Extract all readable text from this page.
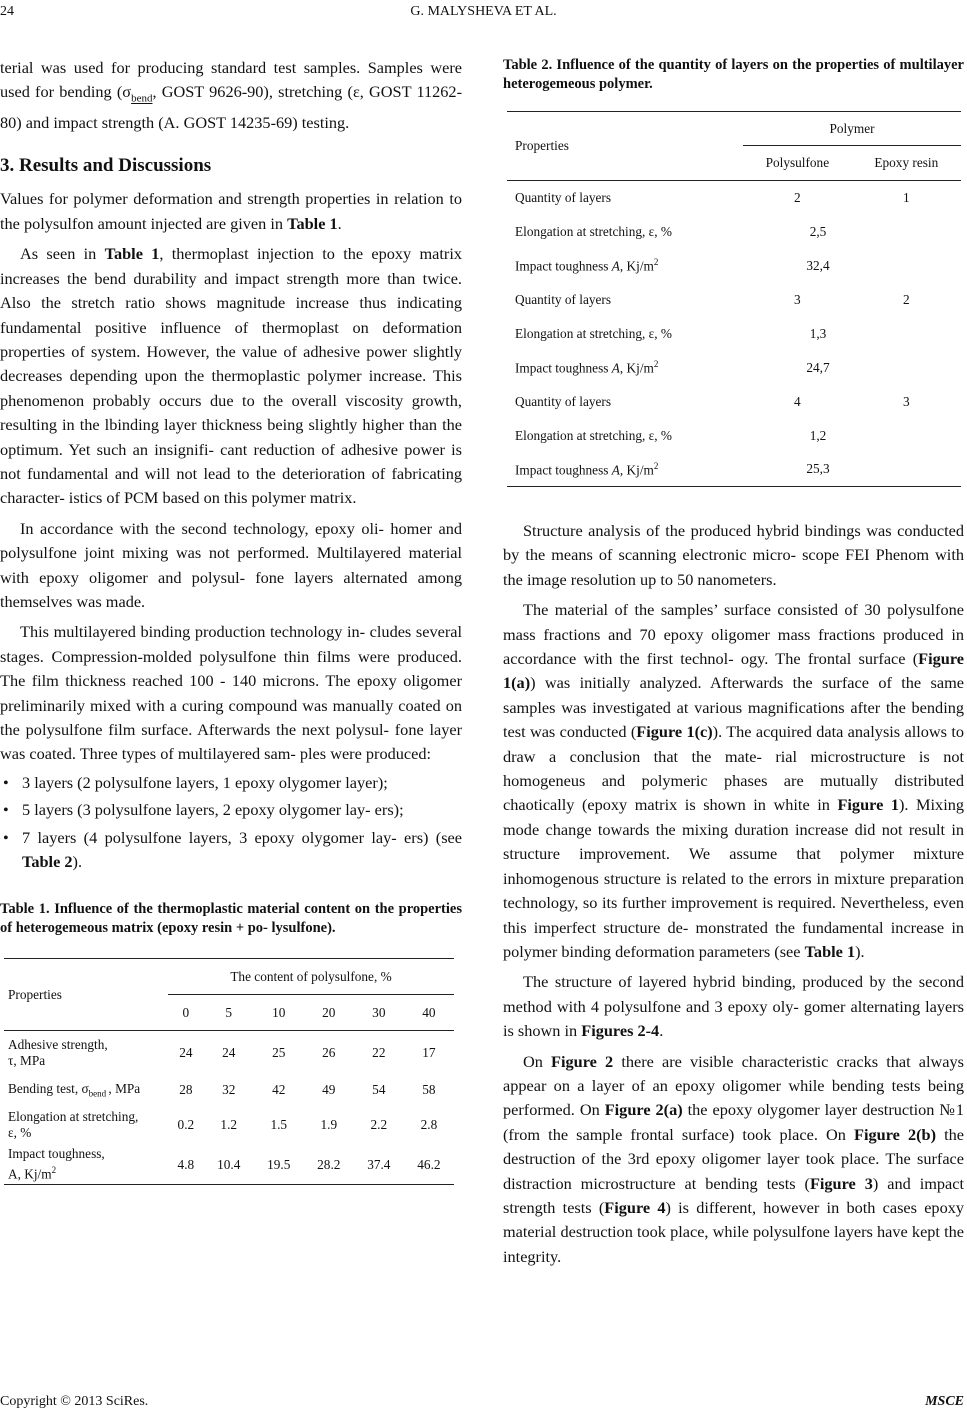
24	G. MALYSHEVA ET AL.

terial was used for producing standard test samples. Samples were used for bending ($\sigma_{bend}$, GOST 9626-90), stretching (ε, GOST 11262-80) and impact strength (A. GOST 14235-69) testing.

3. Results and Discussions

Values for polymer deformation and strength properties in relation to the polysulfon amount injected are given in Table 1.

As seen in Table 1, thermoplast injection to the epoxy matrix increases the bend durability and impact strength more than twice. Also the stretch ratio shows magnitude increase thus indicating fundamental positive influence of thermoplast on deformation properties of system. However, the value of adhesive power slightly decreases depending upon the thermoplastic polymer increase. This phenomenon probably occurs due to the overall viscosity growth, resulting in the lbinding layer thickness being slightly higher than the optimum. Yet such an insignifi- cant reduction of adhesive power is not fundamental and will not lead to the deterioration of fabricating character- istics of PCM based on this polymer matrix.

In accordance with the second technology, epoxy oli- homer and polysulfone joint mixing was not performed. Multilayered material with epoxy oligomer and polysul- fone layers alternated among themselves was made.

This multilayered binding production technology in- cludes several stages. Compression-molded polysulfone thin films were produced. The film thickness reached 100 - 140 microns. The epoxy oligomer preliminarily mixed with a curing compound was manually coated on the polysulfone film surface. Afterwards the next polysul- fone layer was coated. Three types of multilayered sam- ples were produced:

• 3 layers (2 polysulfone layers, 1 epoxy olygomer layer);
• 5 layers (3 polysulfone layers, 2 epoxy olygomer lay- ers);
• 7 layers (4 polysulfone layers, 3 epoxy olygomer lay- ers) (see Table 2).
Table 1. Influence of the thermoplastic material content on the properties of heterogemeous matrix (epoxy resin + po- lysulfone).
Properties	The content of polysulfone, %					
	0	5	10	20	30	40
Adhesive strength,
τ, MPa	24	24	25	26	22	17
Bending test, $\sigma_{bend}$ , MPa	28	32	42	49	54	58
Elongation at stretching,
ε, %	0.2	1.2	1.5	1.9	2.2	2.8
Impact toughness,
A, $Kj/m^2$	4.8	10.4	19.5	28.2	37.4	46.2
Table 2. Influence of the quantity of layers on the properties of multilayer heterogemeous polymer.
Properties	Polymer	
	Polysulfone	Epoxy resin
Quantity of layers	2	1
Elongation at stretching, ε, %	2,5	
Impact toughness A, $Kj/m^2$	32,4	
Quantity of layers	3	2
Elongation at stretching, ε, %	1,3	
Impact toughness A, $Kj/m^2$	24,7	
Quantity of layers	4	3
Elongation at stretching, ε, %	1,2	
Impact toughness A, $Kj/m^2$	25,3	

Structure analysis of the produced hybrid bindings was conducted by the means of scanning electronic micro- scope FEI Phenom with the image resolution up to 50 nanometers.

The material of the samples’ surface consisted of 30 polysulfone mass fractions and 70 epoxy oligomer mass fractions produced in accordance with the first technol- ogy. The frontal surface (Figure 1(a)) was initially analyzed. Afterwards the surface of the same samples was investigated at various magnifications after the bending test was conducted (Figure 1(c)). The acquired data analysis allows to draw a conclusion that the mate- rial microstructure is not homogeneus and polymeric phases are mutually distributed chaotically (epoxy matrix is shown in white in Figure 1). Mixing mode change towards the mixing duration increase did not result in structure improvement. We assume that polymer mixture inhomogenous structure is related to the errors in mixture preparation technology, so its further improvement is required. Nevertheless, even this imperfect structure de- monstrated the fundamental increase in polymer binding deformation parameters (see Table 1).

The structure of layered hybrid binding, produced by the second method with 4 polysulfone and 3 epoxy oly- gomer alternating layers is shown in Figures 2-4.

On Figure 2 there are visible characteristic cracks that always appear on a layer of an epoxy oligomer while bending tests being performed. On Figure 2(a) the epoxy olygomer layer destruction №1 (from the sample frontal surface) took place. On Figure 2(b) the destruction of the 3rd epoxy oligomer layer took place. The surface distraction microstructure at bending tests (Figure 3) and impact strength tests (Figure 4) is different, however in both cases epoxy material destruction took place, while polysulfone layers have kept the integrity.

Copyright © 2013 SciRes.	MSCE
